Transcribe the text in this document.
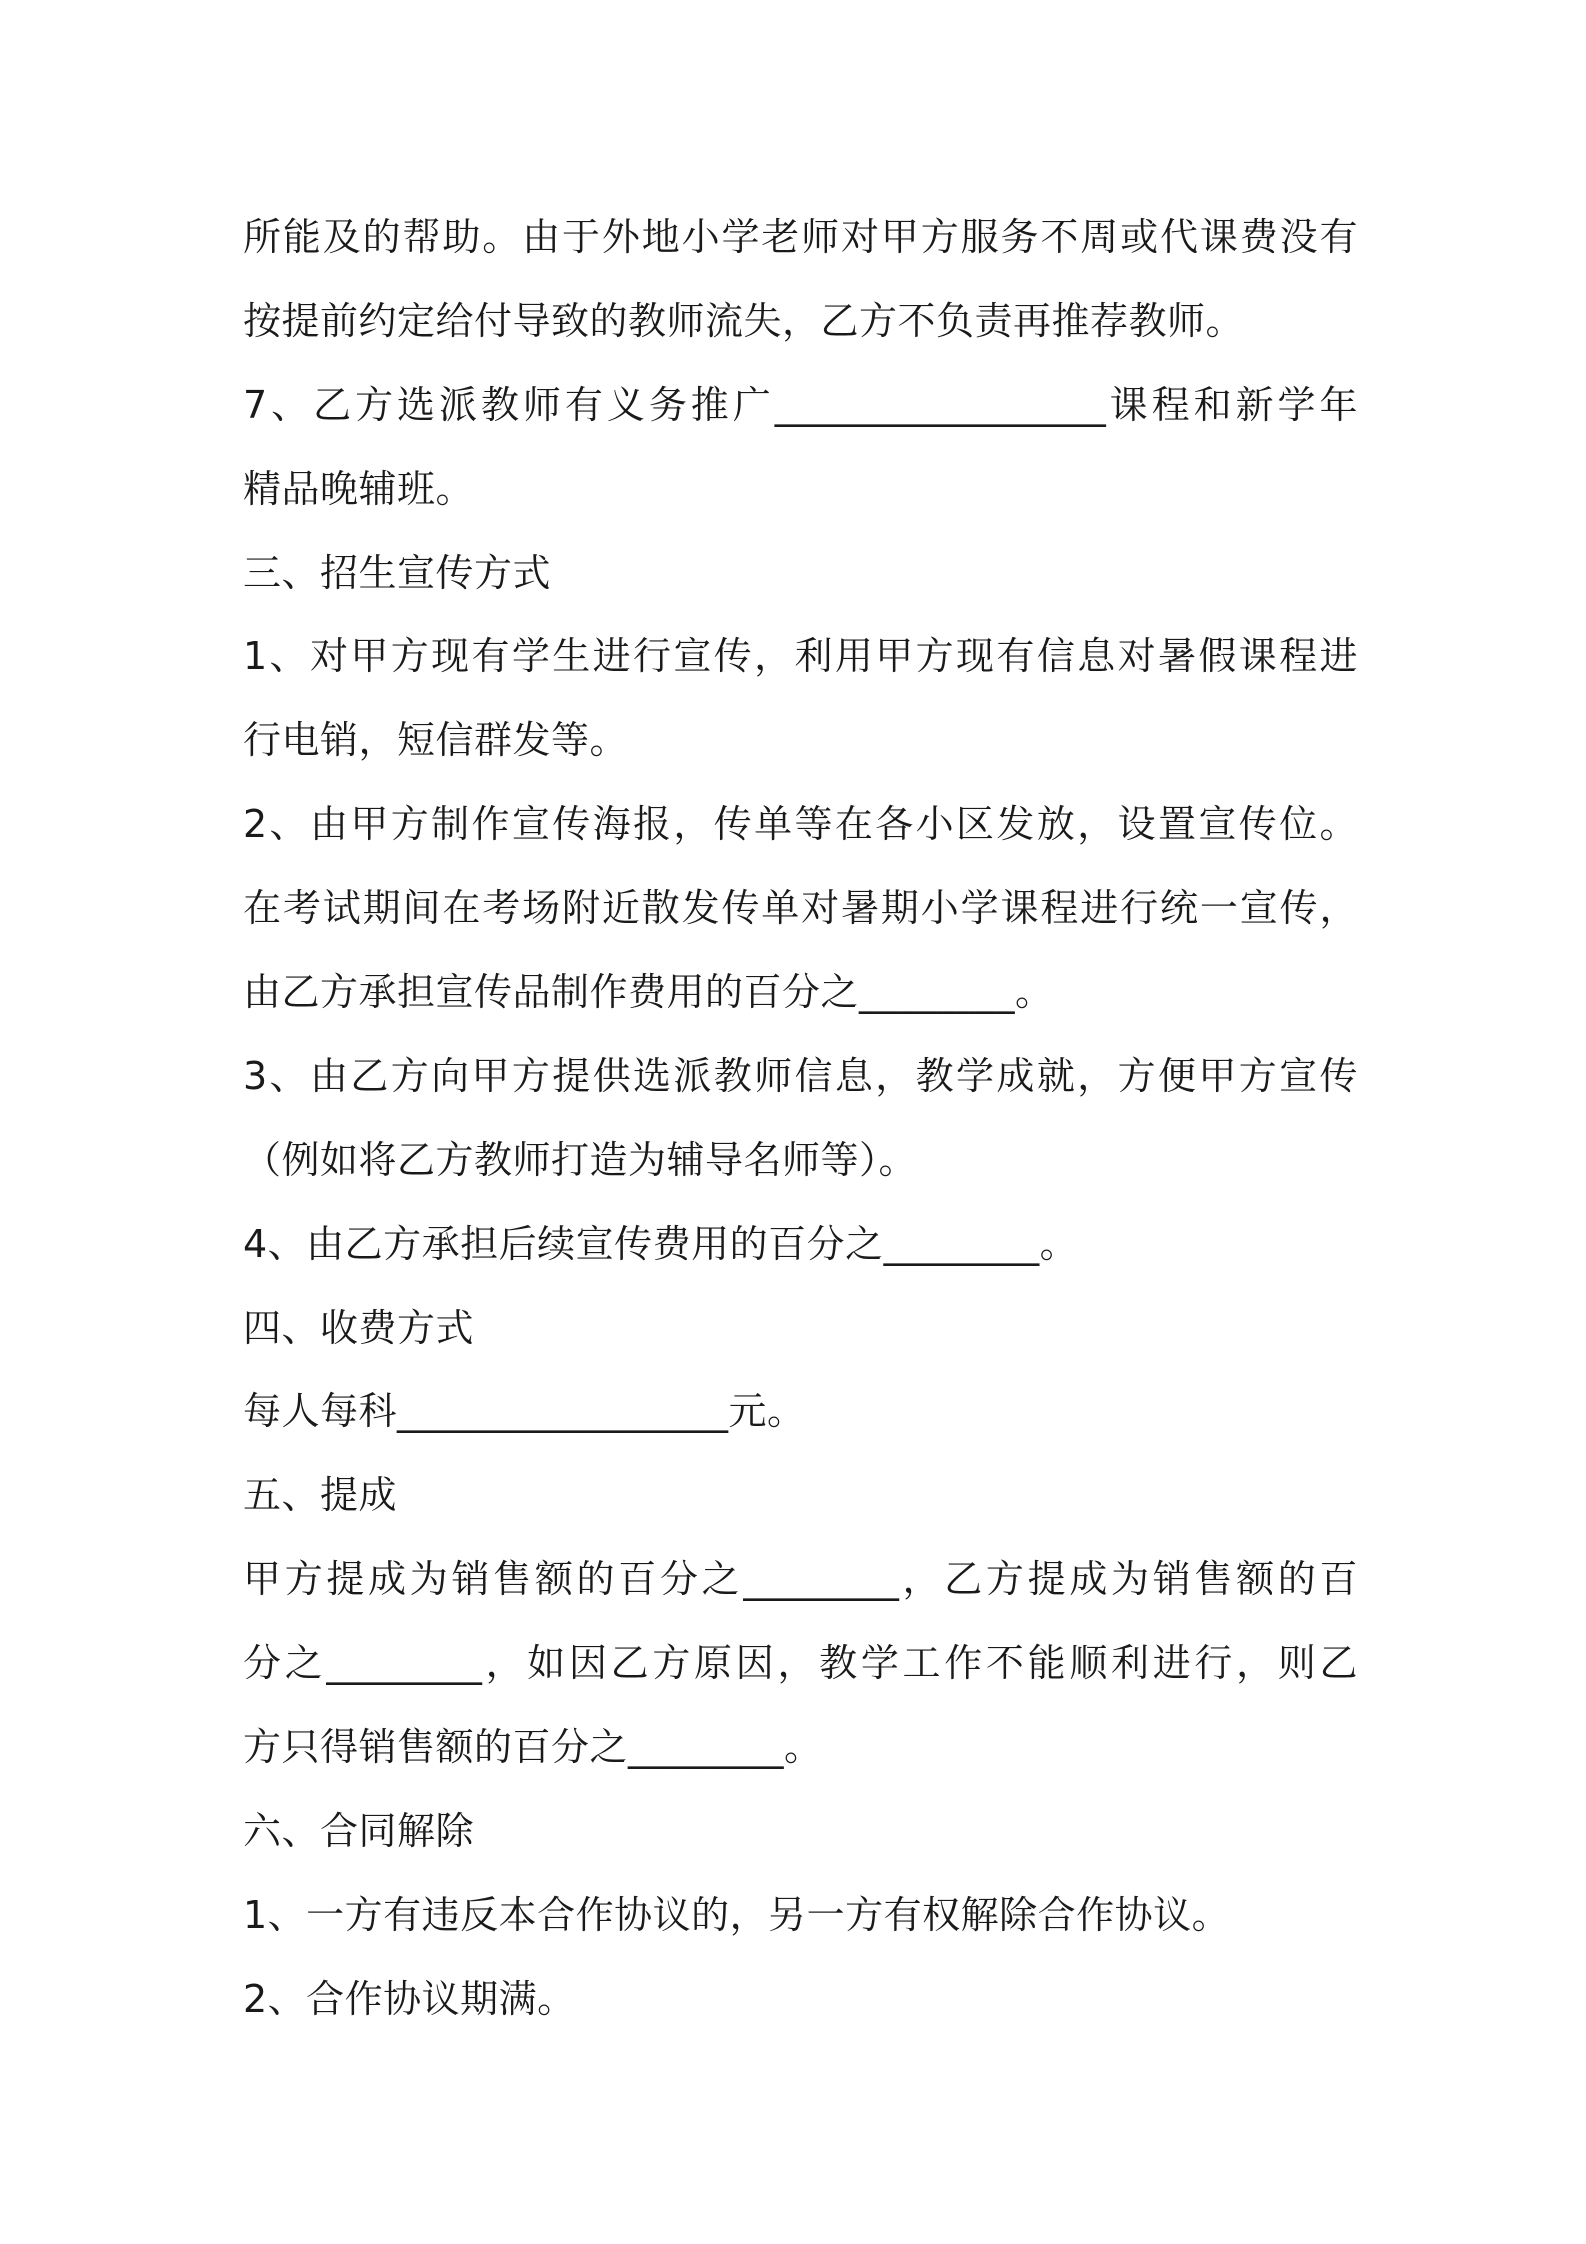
所能及的帮助。由于外地小学老师对甲方服务不周或代课费没有
按提前约定给付导致的教师流失，乙方不负责再推荐教师。
7、乙方选派教师有义务推广_________________课程和新学年
精品晚辅班。
三、招生宣传方式
1、对甲方现有学生进行宣传，利用甲方现有信息对暑假课程进
行电销，短信群发等。
2、由甲方制作宣传海报，传单等在各小区发放，设置宣传位。
在考试期间在考场附近散发传单对暑期小学课程进行统一宣传，
由乙方承担宣传品制作费用的百分之________。
3、由乙方向甲方提供选派教师信息，教学成就，方便甲方宣传
（例如将乙方教师打造为辅导名师等）。
4、由乙方承担后续宣传费用的百分之________。
四、收费方式
每人每科_________________元。
五、提成
甲方提成为销售额的百分之________，乙方提成为销售额的百
分之________，如因乙方原因，教学工作不能顺利进行，则乙
方只得销售额的百分之________。
六、合同解除
1、一方有违反本合作协议的，另一方有权解除合作协议。
2、合作协议期满。
